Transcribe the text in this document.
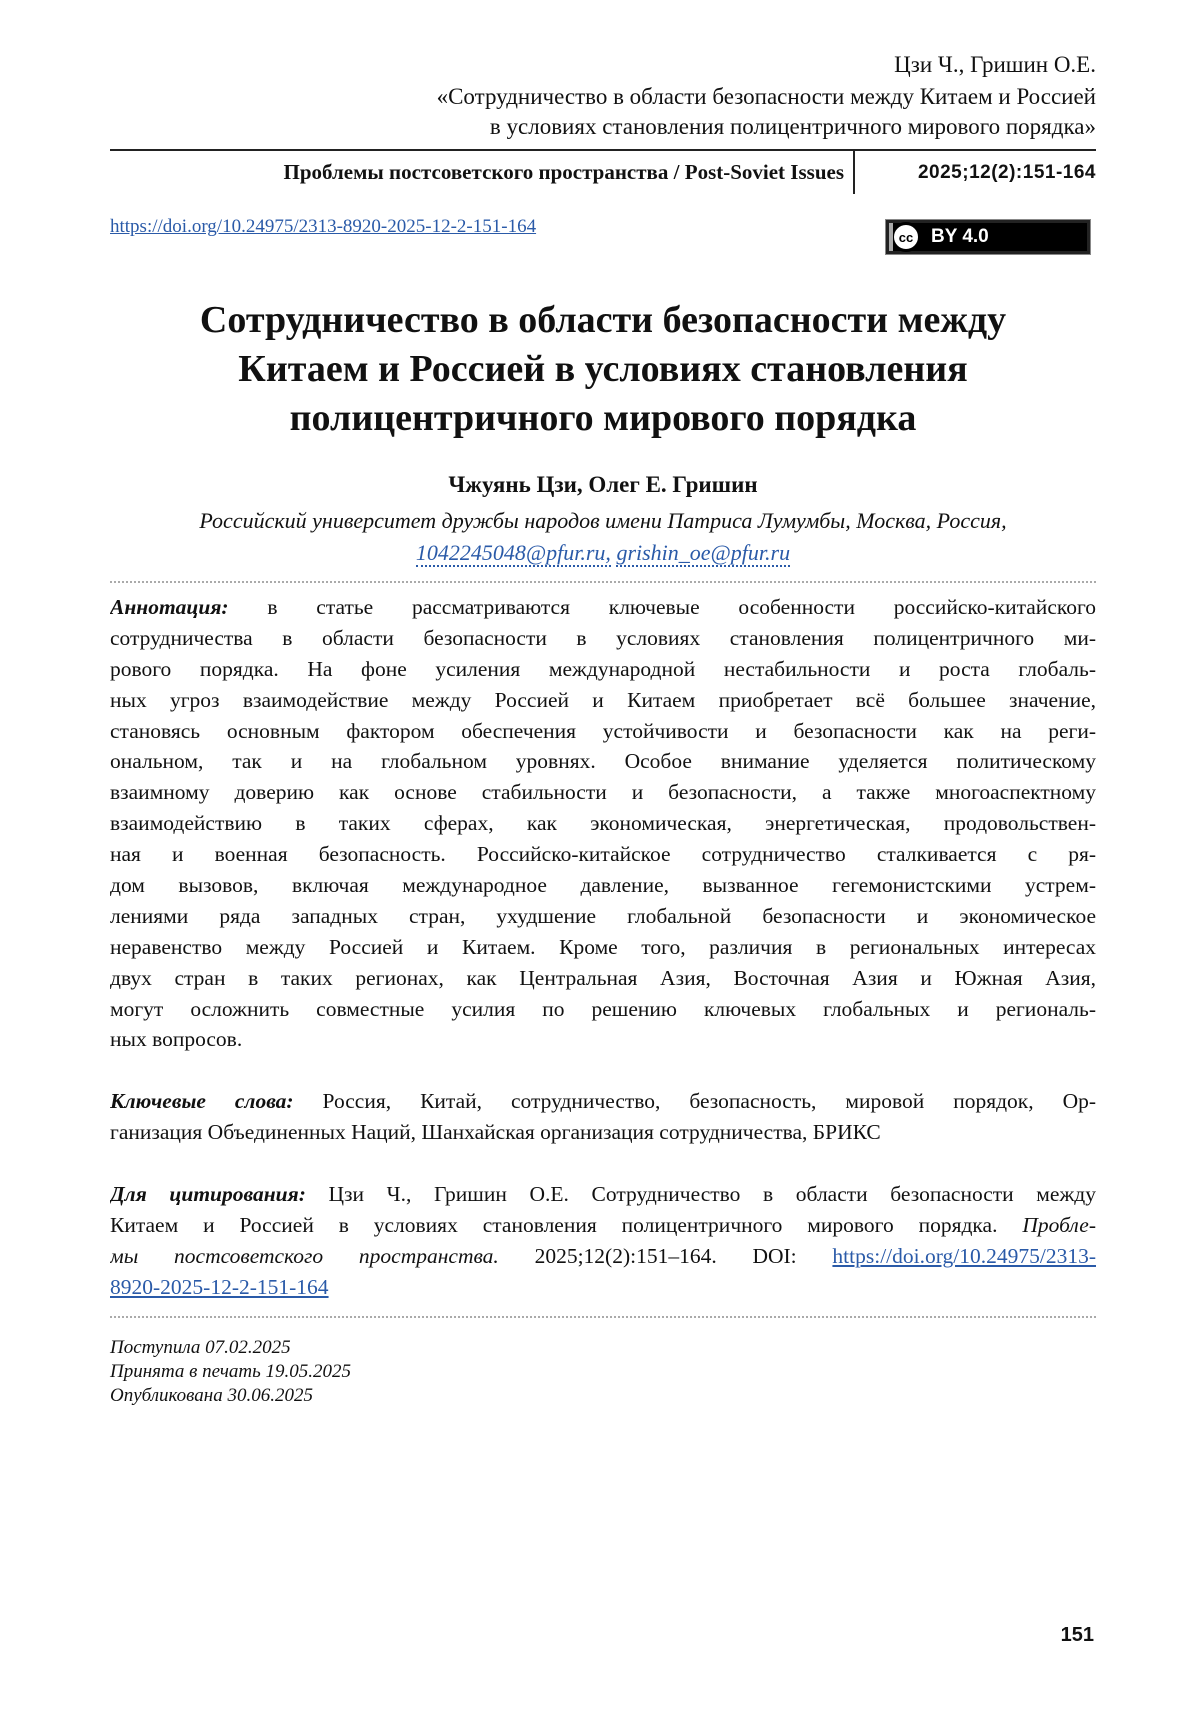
Цзи Ч., Гришин О.Е.
«Сотрудничество в области безопасности между Китаем и Россией
в условиях становления полицентричного мирового порядка»
Проблемы постсоветского пространства / Post-Soviet Issues	2025;12(2):151-164
https://doi.org/10.24975/2313-8920-2025-12-2-151-164	cc BY 4.0
Сотрудничество в области безопасности между
Китаем и Россией в условиях становления
полицентричного мирового порядка
Чжуянь Цзи, Олег Е. Гришин
Российский университет дружбы народов имени Патриса Лумумбы, Москва, Россия,
1042245048@pfur.ru, grishin_oe@pfur.ru
Аннотация: в статье рассматриваются ключевые особенности российско-китайского
сотрудничества в области безопасности в условиях становления полицентричного ми-
рового порядка. На фоне усиления международной нестабильности и роста глобаль-
ных угроз взаимодействие между Россией и Китаем приобретает всё большее значение,
становясь основным фактором обеспечения устойчивости и безопасности как на реги-
ональном, так и на глобальном уровнях. Особое внимание уделяется политическому
взаимному доверию как основе стабильности и безопасности, а также многоаспектному
взаимодействию в таких сферах, как экономическая, энергетическая, продовольствен-
ная и военная безопасность. Российско-китайское сотрудничество сталкивается с ря-
дом вызовов, включая международное давление, вызванное гегемонистскими устрем-
лениями ряда западных стран, ухудшение глобальной безопасности и экономическое
неравенство между Россией и Китаем. Кроме того, различия в региональных интересах
двух стран в таких регионах, как Центральная Азия, Восточная Азия и Южная Азия,
могут осложнить совместные усилия по решению ключевых глобальных и региональ-
ных вопросов.
Ключевые слова: Россия, Китай, сотрудничество, безопасность, мировой порядок, Ор-
ганизация Объединенных Наций, Шанхайская организация сотрудничества, БРИКС
Для цитирования: Цзи Ч., Гришин О.Е. Сотрудничество в области безопасности между
Китаем и Россией в условиях становления полицентричного мирового порядка. Пробле-
мы постсоветского пространства. 2025;12(2):151–164. DOI: https://doi.org/10.24975/2313-
8920-2025-12-2-151-164
Поступила 07.02.2025
Принята в печать 19.05.2025
Опубликована 30.06.2025
151
